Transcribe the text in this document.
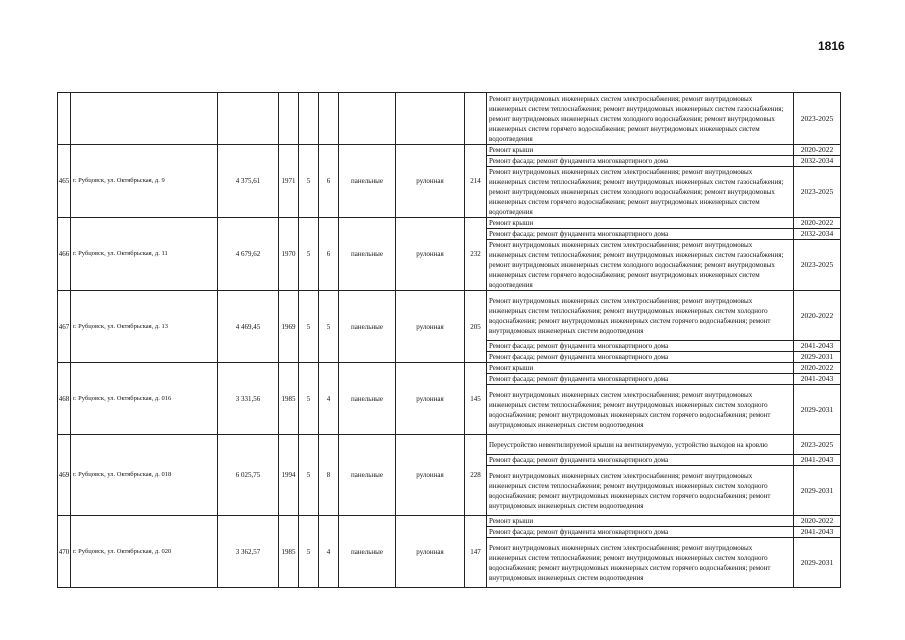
1816
									Ремонт внутридомовых инженерных систем электроснабжения; ремонт внутридомовых инженерных систем теплоснабжения; ремонт внутридомовых инженерных систем газоснабжения; ремонт внутридомовых инженерных систем холодного водоснабжения; ремонт внутридомовых инженерных систем горячего водоснабжения; ремонт внутридомовых инженерных систем водоотведения	2023-2025
465	г. Рубцовск, ул. Октябрьская, д. 9	4 375,61	1971	5	6	панельные	рулонная	214	Ремонт крыши	2020-2022
									Ремонт фасада; ремонт фундамента многоквартирного дома	2032-2034
									Ремонт внутридомовых инженерных систем электроснабжения; ремонт внутридомовых инженерных систем теплоснабжения; ремонт внутридомовых инженерных систем газоснабжения; ремонт внутридомовых инженерных систем холодного водоснабжения; ремонт внутридомовых инженерных систем горячего водоснабжения; ремонт внутридомовых инженерных систем водоотведения	2023-2025
466	г. Рубцовск, ул. Октябрьская, д. 11	4 679,62	1970	5	6	панельные	рулонная	232	Ремонт крыши	2020-2022
									Ремонт фасада; ремонт фундамента многоквартирного дома	2032-2034
									Ремонт внутридомовых инженерных систем электроснабжения; ремонт внутридомовых инженерных систем теплоснабжения; ремонт внутридомовых инженерных систем газоснабжения; ремонт внутридомовых инженерных систем холодного водоснабжения; ремонт внутридомовых инженерных систем горячего водоснабжения; ремонт внутридомовых инженерных систем водоотведения	2023-2025
467	г. Рубцовск, ул. Октябрьская, д. 13	4 469,45	1969	5	5	панельные	рулонная	205	Ремонт внутридомовых инженерных систем электроснабжения; ремонт внутридомовых инженерных систем теплоснабжения; ремонт внутридомовых инженерных систем холодного водоснабжения; ремонт внутридомовых инженерных систем горячего водоснабжения; ремонт внутридомовых инженерных систем водоотведения	2020-2022
									Ремонт фасада; ремонт фундамента многоквартирного дома	2041-2043
									Ремонт фасада; ремонт фундамента многоквартирного дома	2029-2031
468	г. Рубцовск, ул. Октябрьская, д. 016	3 331,56	1985	5	4	панельные	рулонная	145	Ремонт крыши	2020-2022
									Ремонт фасада; ремонт фундамента многоквартирного дома	2041-2043
									Ремонт внутридомовых инженерных систем электроснабжения; ремонт внутридомовых инженерных систем теплоснабжения; ремонт внутридомовых инженерных систем холодного водоснабжения; ремонт внутридомовых инженерных систем горячего водоснабжения; ремонт внутридомовых инженерных систем водоотведения	2029-2031
469	г. Рубцовск, ул. Октябрьская, д. 018	6 025,75	1994	5	8	панельные	рулонная	228	Переустройство невентилируемой крыши на вентилируемую, устройство выходов на кровлю	2023-2025
									Ремонт фасада; ремонт фундамента многоквартирного дома	2041-2043
									Ремонт внутридомовых инженерных систем электроснабжения; ремонт внутридомовых инженерных систем теплоснабжения; ремонт внутридомовых инженерных систем холодного водоснабжения; ремонт внутридомовых инженерных систем горячего водоснабжения; ремонт внутридомовых инженерных систем водоотведения	2029-2031
470	г. Рубцовск, ул. Октябрьская, д. 020	3 362,57	1985	5	4	панельные	рулонная	147	Ремонт крыши	2020-2022
									Ремонт фасада; ремонт фундамента многоквартирного дома	2041-2043
									Ремонт внутридомовых инженерных систем электроснабжения; ремонт внутридомовых инженерных систем теплоснабжения; ремонт внутридомовых инженерных систем холодного водоснабжения; ремонт внутридомовых инженерных систем горячего водоснабжения; ремонт внутридомовых инженерных систем водоотведения	2029-2031
